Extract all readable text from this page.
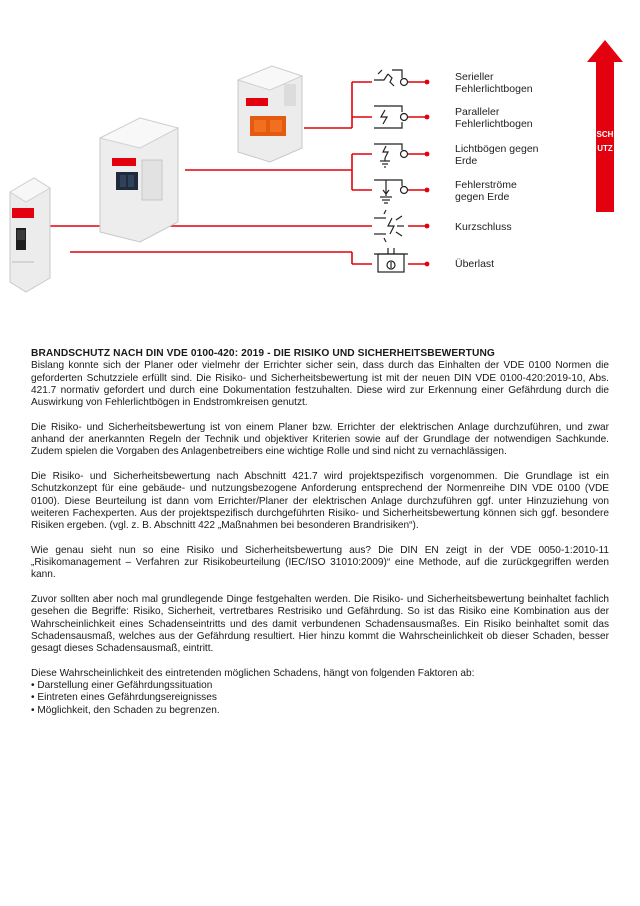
Serieller
Fehlerlichtbogen
Paralleler
Fehlerlichtbogen
Lichtbögen gegen
Erde
Fehlerströme
gegen Erde
Kurzschluss
Überlast
SCHUTZ
BRANDSCHUTZ NACH DIN VDE 0100-420: 2019 - DIE RISIKO UND SICHERHEITSBEWERTUNG

Bislang konnte sich der Planer oder vielmehr der Errichter sicher sein, dass durch das Einhalten der VDE 0100 Normen die geforderten Schutzziele erfüllt sind. Die Risiko- und Sicherheitsbewertung ist mit der neuen DIN VDE 0100-420:2019-10, Abs. 421.7 normativ gefordert und durch eine Dokumentation festzuhalten. Diese wird zur Erkennung einer Gefährdung durch die Auswirkung von Fehlerlichtbögen in Endstromkreisen genutzt.

Die Risiko- und Sicherheitsbewertung ist von einem Planer bzw. Errichter der elektrischen Anlage durchzuführen, und zwar anhand der anerkannten Regeln der Technik und objektiver Kriterien sowie auf der Grundlage der notwendigen Sachkunde. Zudem spielen die Vorgaben des Anlagenbetreibers eine wichtige Rolle und sind nicht zu vernachlässigen.

Die Risiko- und Sicherheitsbewertung nach Abschnitt 421.7 wird projektspezifisch vorgenommen. Die Grundlage ist ein Schutzkonzept für eine gebäude- und nutzungsbezogene Anforderung entsprechend der Normenreihe DIN VDE 0100 (VDE 0100). Diese Beurteilung ist dann vom Errichter/Planer der elektrischen Anlage durchzuführen ggf. unter Hinzuziehung von weiteren Fachexperten. Aus der projektspezifisch durchgeführten Risiko- und Sicherheitsbewertung können sich ggf. besondere Risiken ergeben. (vgl. z. B. Abschnitt 422 „Maßnahmen bei besonderen Brandrisiken“).

Wie genau sieht nun so eine Risiko und Sicherheitsbewertung aus? Die DIN EN zeigt in der VDE 0050-1:2010-11 „Risikomanagement – Verfahren zur Risikobeurteilung (IEC/ISO 31010:2009)“ eine Methode, auf die zurückgegriffen werden kann.

Zuvor sollten aber noch mal grundlegende Dinge festgehalten werden. Die Risiko- und Sicherheitsbewertung beinhaltet fachlich gesehen die Begriffe: Risiko, Sicherheit, vertretbares Restrisiko und Gefährdung. So ist das Risiko eine Kombination aus der Wahrscheinlichkeit eines Schadenseintritts und des damit verbundenen Schadensausmaßes. Ein Risiko beinhaltet somit das Schadensausmaß, welches aus der Gefährdung resultiert. Hier hinzu kommt die Wahrscheinlichkeit ob dieser Schaden, besser gesagt dieses Schadensausmaß, eintritt.

Diese Wahrscheinlichkeit des eintretenden möglichen Schadens, hängt von folgenden Faktoren ab:

• Darstellung einer Gefährdungssituation
• Eintreten eines Gefährdungsereignisses
• Möglichkeit, den Schaden zu begrenzen.
